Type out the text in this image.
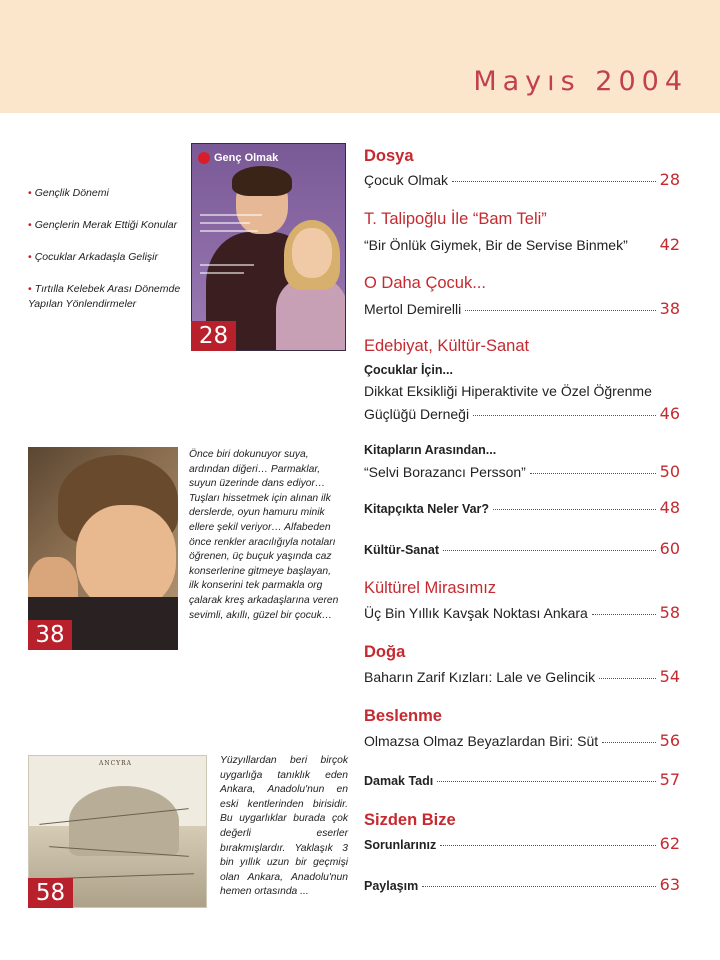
Mayıs 2004
• Gençlik Dönemi
• Gençlerin Merak Ettiği Konular
• Çocuklar Arkadaşla Gelişir
• Tırtılla Kelebek Arası Dönemde Yapılan Yönlendirmeler
Genç Olmak
28
38
Önce biri dokunuyor suya, ardından diğeri… Parmaklar, suyun üzerinde dans ediyor… Tuşları hissetmek için alınan ilk derslerde, oyun hamuru minik ellere şekil veriyor… Alfabeden önce renkler aracılığıyla notaları öğrenen, üç buçuk yaşında caz konserlerine gitmeye başlayan, ilk konserini tek parmakla org çalarak kreş arkadaşlarına veren sevimli, akıllı, güzel bir çocuk…
ANCYRA
58
Yüzyıllardan beri birçok uygarlığa tanıklık eden Ankara, Anadolu'nun en eski kentlerinden birisidir. Bu uygarlıklar burada çok değerli eserler bırakmışlardır. Yaklaşık 3 bin yıllık uzun bir geçmişi olan Ankara, Anadolu'nun hemen ortasında ...
Dosya
Çocuk Olmak	28
T. Talipoğlu İle “Bam Teli”
“Bir Önlük Giymek, Bir de Servise Binmek” 42
O Daha Çocuk...
Mertol Demirelli	38
Edebiyat, Kültür-Sanat
Çocuklar İçin...
Dikkat Eksikliği Hiperaktivite ve Özel Öğrenme
Güçlüğü Derneği	46
Kitapların Arasından...
“Selvi Borazancı Persson”	50
Kitapçıkta Neler Var?	48
Kültür-Sanat	60
Kültürel Mirasımız
Üç Bin Yıllık Kavşak Noktası Ankara	58
Doğa
Baharın Zarif Kızları: Lale ve Gelincik	54
Beslenme
Olmazsa Olmaz Beyazlardan Biri: Süt	56
Damak Tadı	57
Sizden Bize
Sorunlarınız	62
Paylaşım	63
